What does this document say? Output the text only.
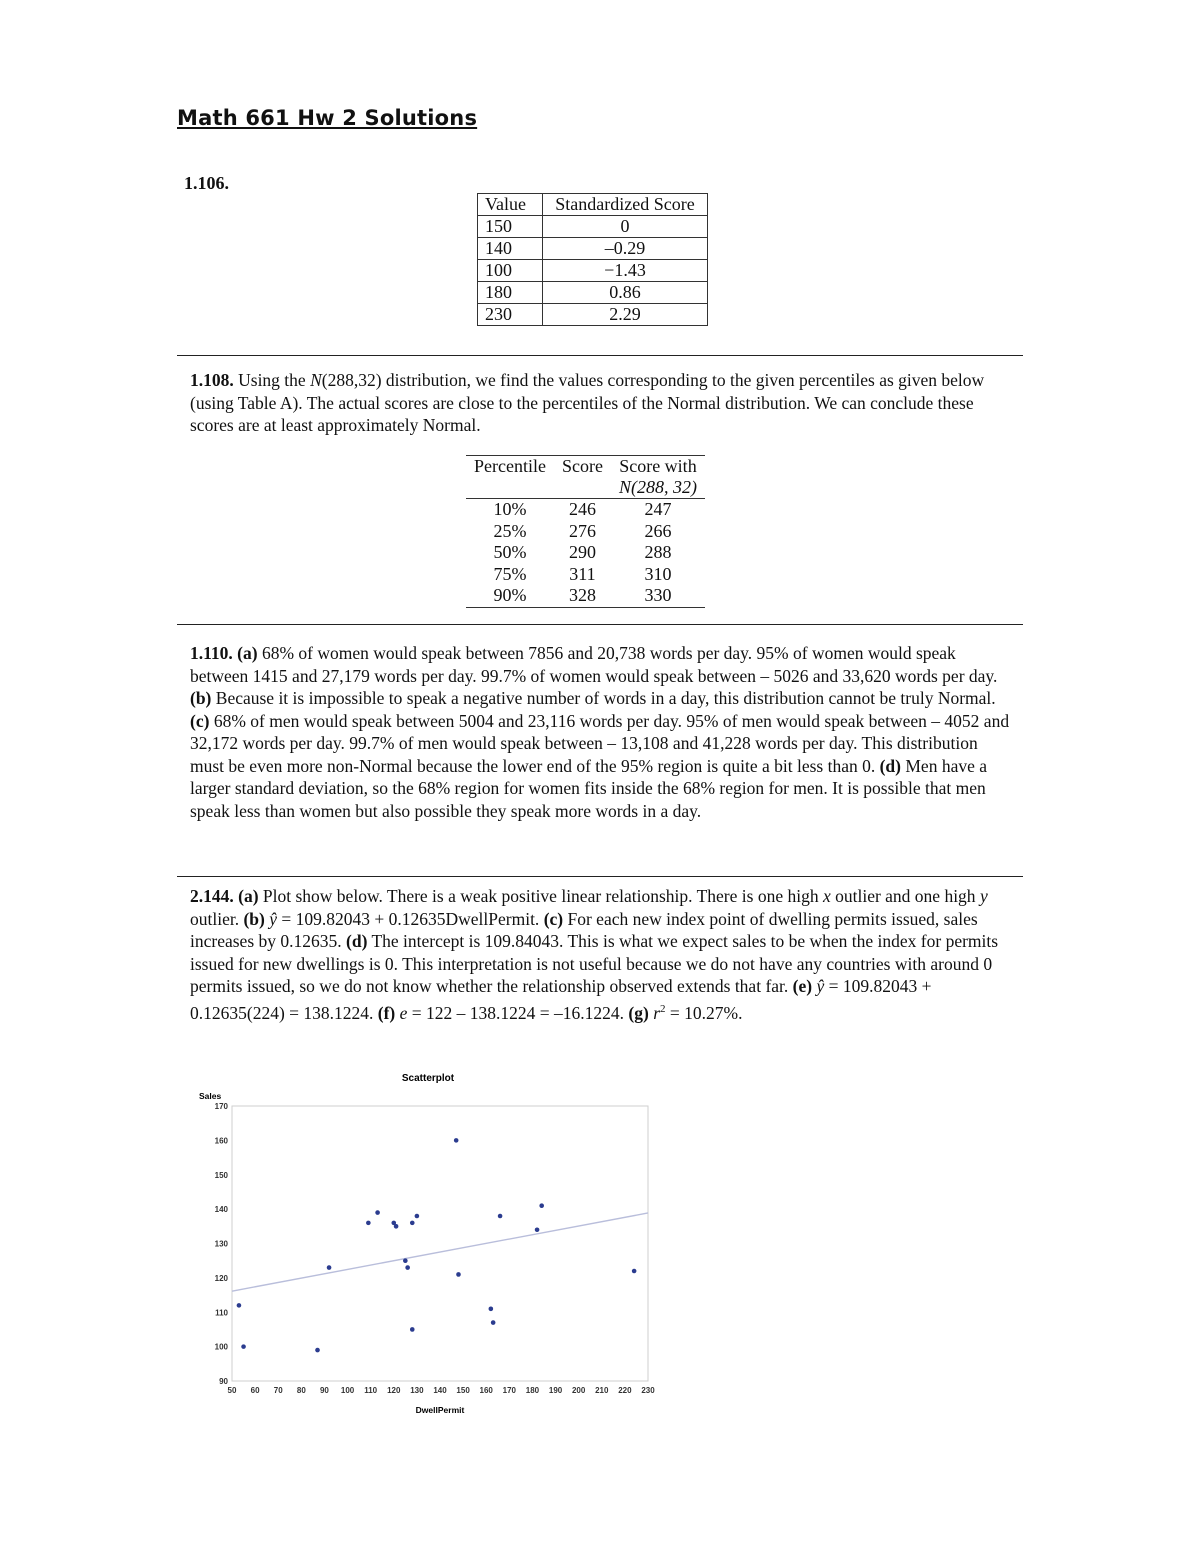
Math 661 Hw 2 Solutions
1.106.
Value	Standardized Score
150	0
140	–0.29
100	−1.43
180	0.86
230	2.29
1.108. Using the N(288,32) distribution, we find the values corresponding to the given percentiles as given below (using Table A). The actual scores are close to the percentiles of the Normal distribution. We can conclude these scores are at least approximately Normal.
Percentile	Score	Score with
N(288, 32)
10%	246	247
25%	276	266
50%	290	288
75%	311	310
90%	328	330
1.110. (a) 68% of women would speak between 7856 and 20,738 words per day. 95% of women would speak between 1415 and 27,179 words per day. 99.7% of women would speak between – 5026 and 33,620 words per day. (b) Because it is impossible to speak a negative number of words in a day, this distribution cannot be truly Normal. (c) 68% of men would speak between 5004 and 23,116 words per day. 95% of men would speak between – 4052 and 32,172 words per day. 99.7% of men would speak between – 13,108 and 41,228 words per day. This distribution must be even more non-Normal because the lower end of the 95% region is quite a bit less than 0. (d) Men have a larger standard deviation, so the 68% region for women fits inside the 68% region for men. It is possible that men speak less than women but also possible they speak more words in a day.
2.144. (a) Plot show below. There is a weak positive linear relationship. There is one high x outlier and one high y outlier. (b) ŷ = 109.82043 + 0.12635DwellPermit. (c) For each new index point of dwelling permits issued, sales increases by 0.12635. (d) The intercept is 109.84043. This is what we expect sales to be when the index for permits issued for new dwellings is 0. This interpretation is not useful because we do not have any countries with around 0 permits issued, so we do not know whether the relationship observed extends that far. (e) ŷ = 109.82043 + 0.12635(224) = 138.1224. (f) e = 122 – 138.1224 = –16.1224. (g) $r^2 = 10.27\%$.
Scatterplot
Sales
DwellPermit
90
100
110
120
130
140
150
160
170
50 60 70 80 90 100 110 120 130 140 150 160 170 180 190 200 210 220 230
